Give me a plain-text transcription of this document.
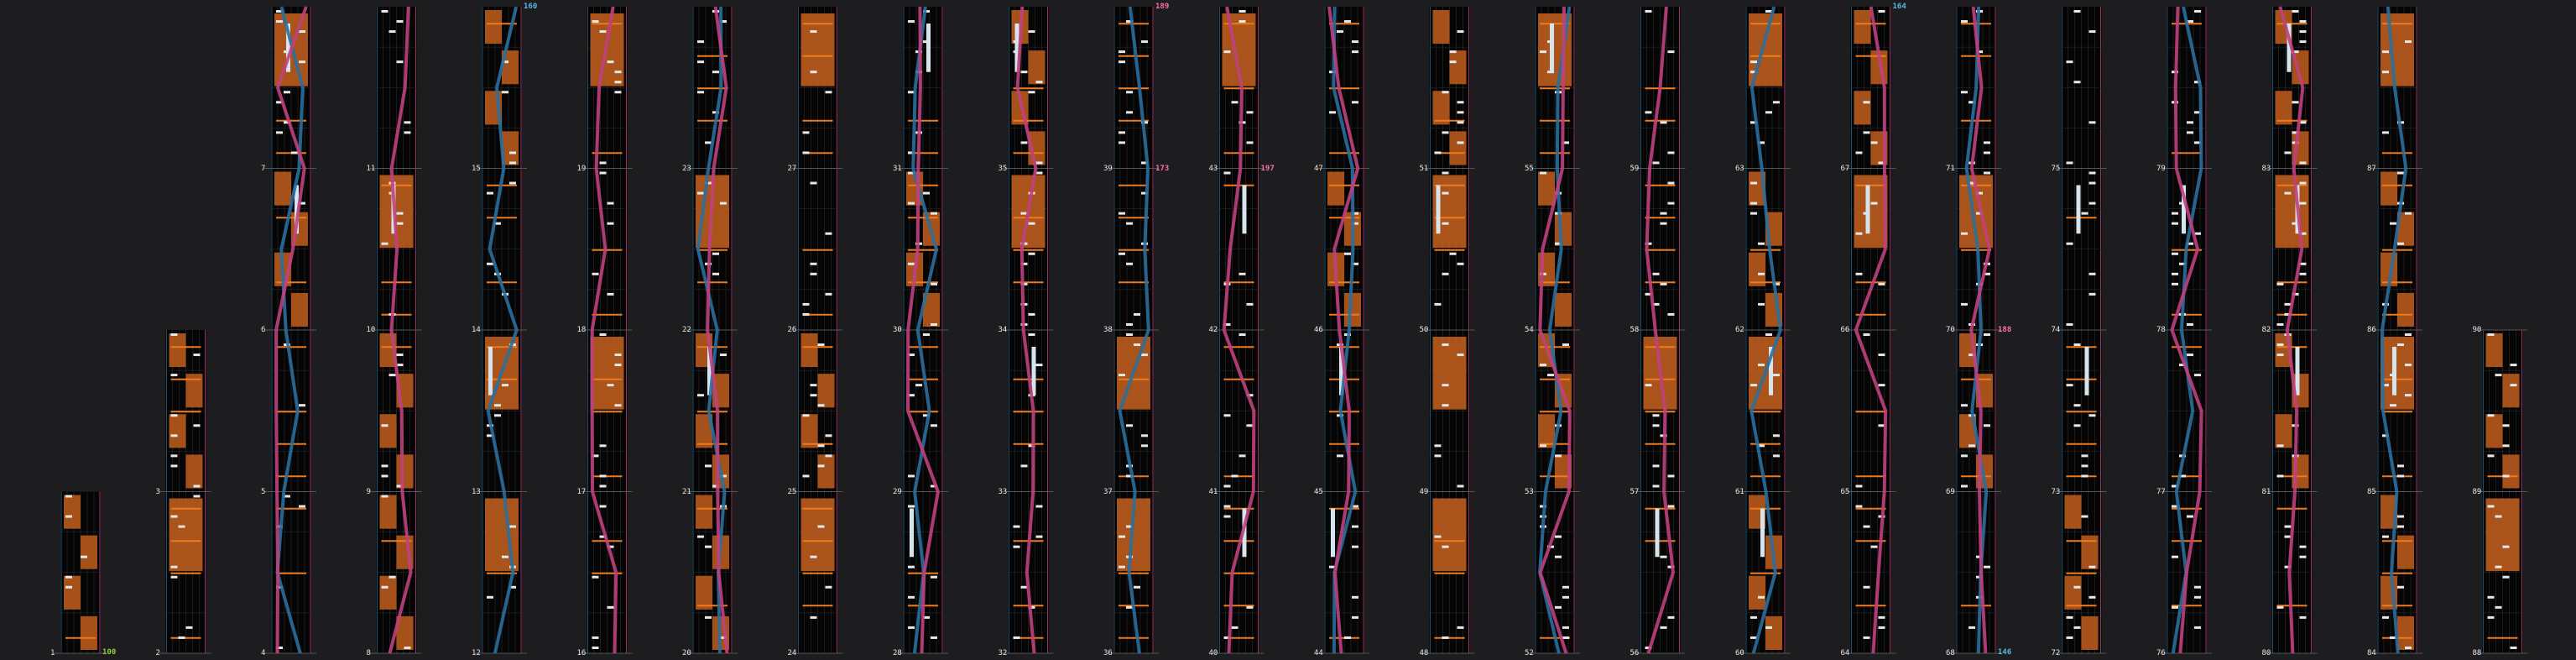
1	100	2
3
4
5
6
7
8
9
10
11
12
13
14
15
160
16
17
18
19
20
21
22
23
24
25
26
27
28
29
30
31
32
33
34
35
36
37
38
39	173
189
40
41
42
43	197
44
45
46
47
48
49
50
51
52
53
54
55
56
57
58
59
60
61
62
63
64
65
66
67
164
68
69
70
71
146
188
72
73
74
75
76
77
78
79
80
81
82
83
84
85
86
87
88
89
90
